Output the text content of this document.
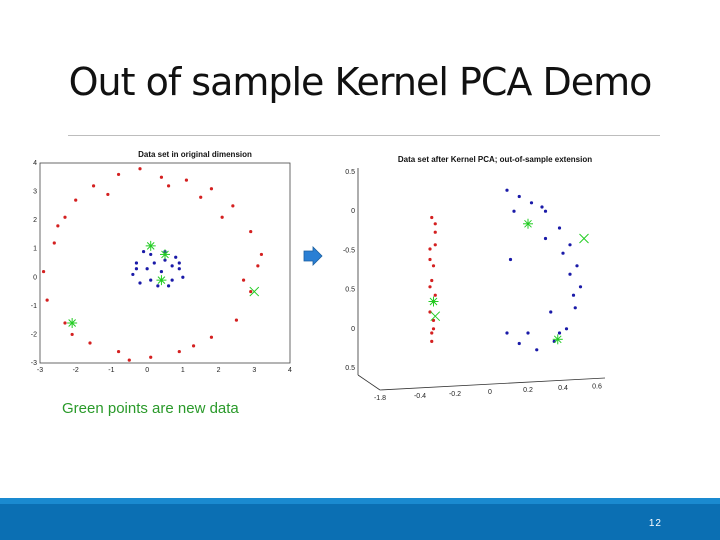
Out of sample Kernel PCA Demo
Data set in original dimension
4
3
2
1
0
-1
-2
-3
-3	-2	-1	0	1	2	3	4
Data set after Kernel PCA; out-of-sample extension
0.5
0
-0.5
0.5
0
0.5
-1.8	-0.4	-0.2	0	0.2	0.4	0.6
Green points are new data
12
